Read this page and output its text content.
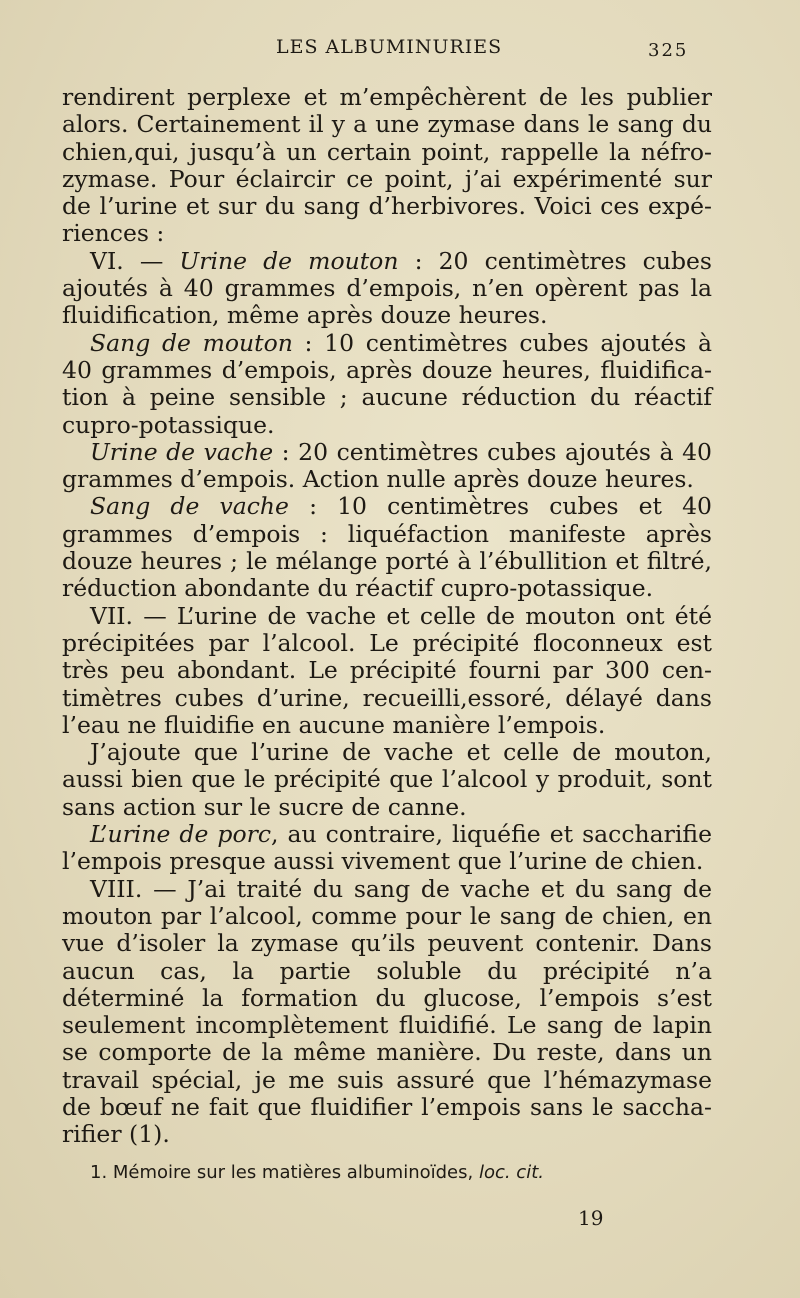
LES ALBUMINURIES	325

rendirent perplexe et m’empêchèrent de les publier alors. Certainement il y a une zymase dans le sang du chien,qui, jusqu’à un certain point, rappelle la néfro-zymase. Pour éclaircir ce point, j’ai expérimenté sur de l’urine et sur du sang d’herbivores. Voici ces expé-riences :

VI. — Urine de mouton : 20 centimètres cubes ajoutés à 40 grammes d’empois, n’en opèrent pas la fluidification, même après douze heures.

Sang de mouton : 10 centimètres cubes ajoutés à 40 grammes d’empois, après douze heures, fluidifica-tion à peine sensible ; aucune réduction du réactif cupro-potassique.

Urine de vache : 20 centimètres cubes ajoutés à 40 grammes d’empois. Action nulle après douze heures.

Sang de vache : 10 centimètres cubes et 40 grammes d’empois : liquéfaction manifeste après douze heures ; le mélange porté à l’ébullition et filtré, réduction abondante du réactif cupro-potassique.

VII. — L’urine de vache et celle de mouton ont été précipitées par l’alcool. Le précipité floconneux est très peu abondant. Le précipité fourni par 300 cen-timètres cubes d’urine, recueilli,essoré, délayé dans l’eau ne fluidifie en aucune manière l’empois.

J’ajoute que l’urine de vache et celle de mouton, aussi bien que le précipité que l’alcool y produit, sont sans action sur le sucre de canne.

L’urine de porc, au contraire, liquéfie et saccharifie l’empois presque aussi vivement que l’urine de chien.

VIII. — J’ai traité du sang de vache et du sang de mouton par l’alcool, comme pour le sang de chien, en vue d’isoler la zymase qu’ils peuvent contenir. Dans aucun cas, la partie soluble du précipité n’a déterminé la formation du glucose, l’empois s’est seulement incomplètement fluidifié. Le sang de lapin se comporte de la même manière. Du reste, dans un travail spécial, je me suis assuré que l’hémazymase de bœuf ne fait que fluidifier l’empois sans le saccha-rifier (1).

1. Mémoire sur les matières albuminoïdes, loc. cit.
19
